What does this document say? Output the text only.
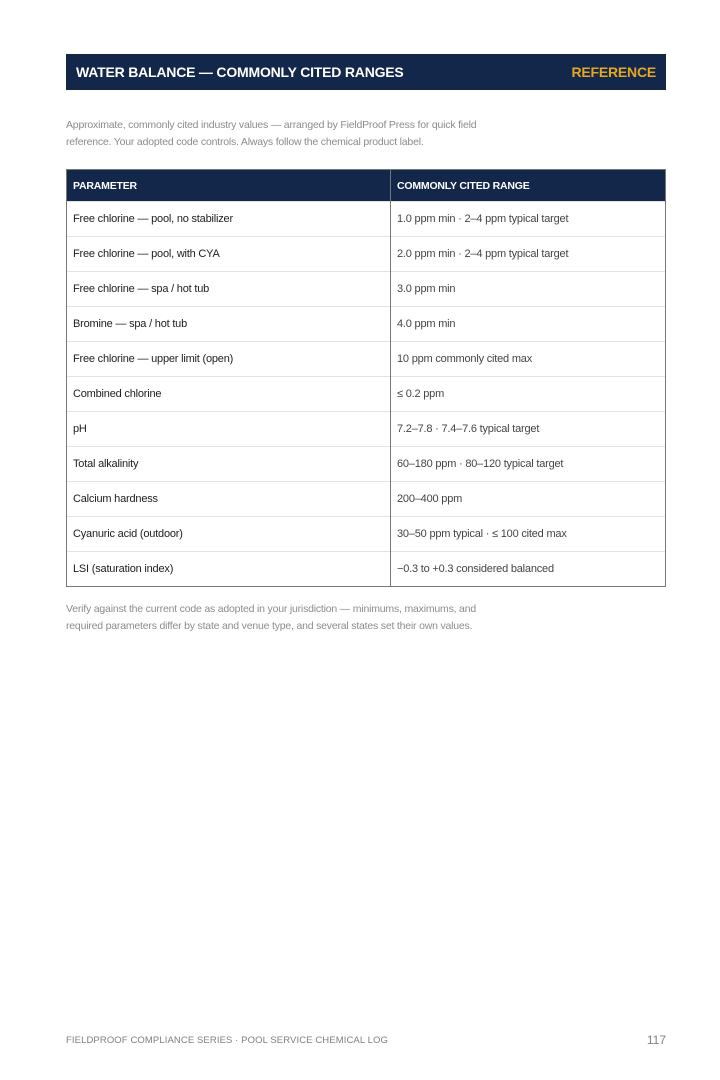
WATER BALANCE — COMMONLY CITED RANGES	REFERENCE
Approximate, commonly cited industry values — arranged by FieldProof Press for quick field reference. Your adopted code controls. Always follow the chemical product label.
PARAMETER	COMMONLY CITED RANGE
Free chlorine — pool, no stabilizer	1.0 ppm min · 2–4 ppm typical target
Free chlorine — pool, with CYA	2.0 ppm min · 2–4 ppm typical target
Free chlorine — spa / hot tub	3.0 ppm min
Bromine — spa / hot tub	4.0 ppm min
Free chlorine — upper limit (open)	10 ppm commonly cited max
Combined chlorine	≤ 0.2 ppm
pH	7.2–7.8 · 7.4–7.6 typical target
Total alkalinity	60–180 ppm · 80–120 typical target
Calcium hardness	200–400 ppm
Cyanuric acid (outdoor)	30–50 ppm typical · ≤ 100 cited max
LSI (saturation index)	−0.3 to +0.3 considered balanced
Verify against the current code as adopted in your jurisdiction — minimums, maximums, and required parameters differ by state and venue type, and several states set their own values.
FIELDPROOF COMPLIANCE SERIES · POOL SERVICE CHEMICAL LOG	117
